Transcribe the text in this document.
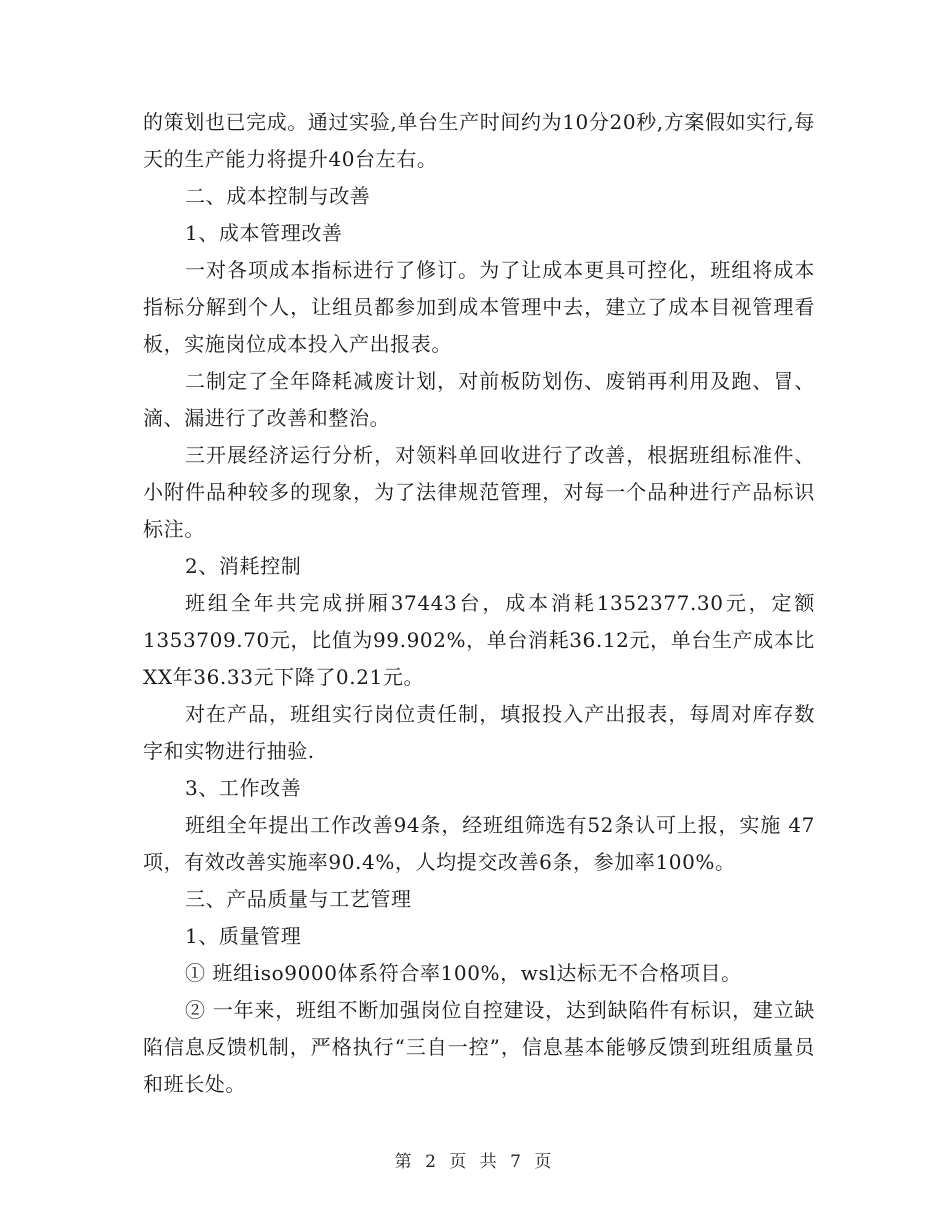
的策划也已完成。通过实验,单台生产时间约为10分20秒,方案假如实行,每天的生产能力将提升40台左右。

二、成本控制与改善

1、成本管理改善

一对各项成本指标进行了修订。为了让成本更具可控化，班组将成本指标分解到个人，让组员都参加到成本管理中去，建立了成本目视管理看板，实施岗位成本投入产出报表。

二制定了全年降耗减废计划，对前板防划伤、废销再利用及跑、冒、滴、漏进行了改善和整治。

三开展经济运行分析，对领料单回收进行了改善，根据班组标准件、小附件品种较多的现象，为了法律规范管理，对每一个品种进行产品标识标注。

2、消耗控制

班组全年共完成拼厢37443台，成本消耗1352377.30元，定额1353709.70元，比值为99.902%，单台消耗36.12元，单台生产成本比XX年36.33元下降了0.21元。

对在产品，班组实行岗位责任制，填报投入产出报表，每周对库存数字和实物进行抽验.

3、工作改善

班组全年提出工作改善94条，经班组筛选有52条认可上报，实施 47项，有效改善实施率90.4%，人均提交改善6条，参加率100%。

三、产品质量与工艺管理

1、质量管理

① 班组iso9000体系符合率100%，wsl达标无不合格项目。

② 一年来，班组不断加强岗位自控建设，达到缺陷件有标识，建立缺陷信息反馈机制，严格执行“三自一控”，信息基本能够反馈到班组质量员和班长处。

第 2 页 共 7 页
